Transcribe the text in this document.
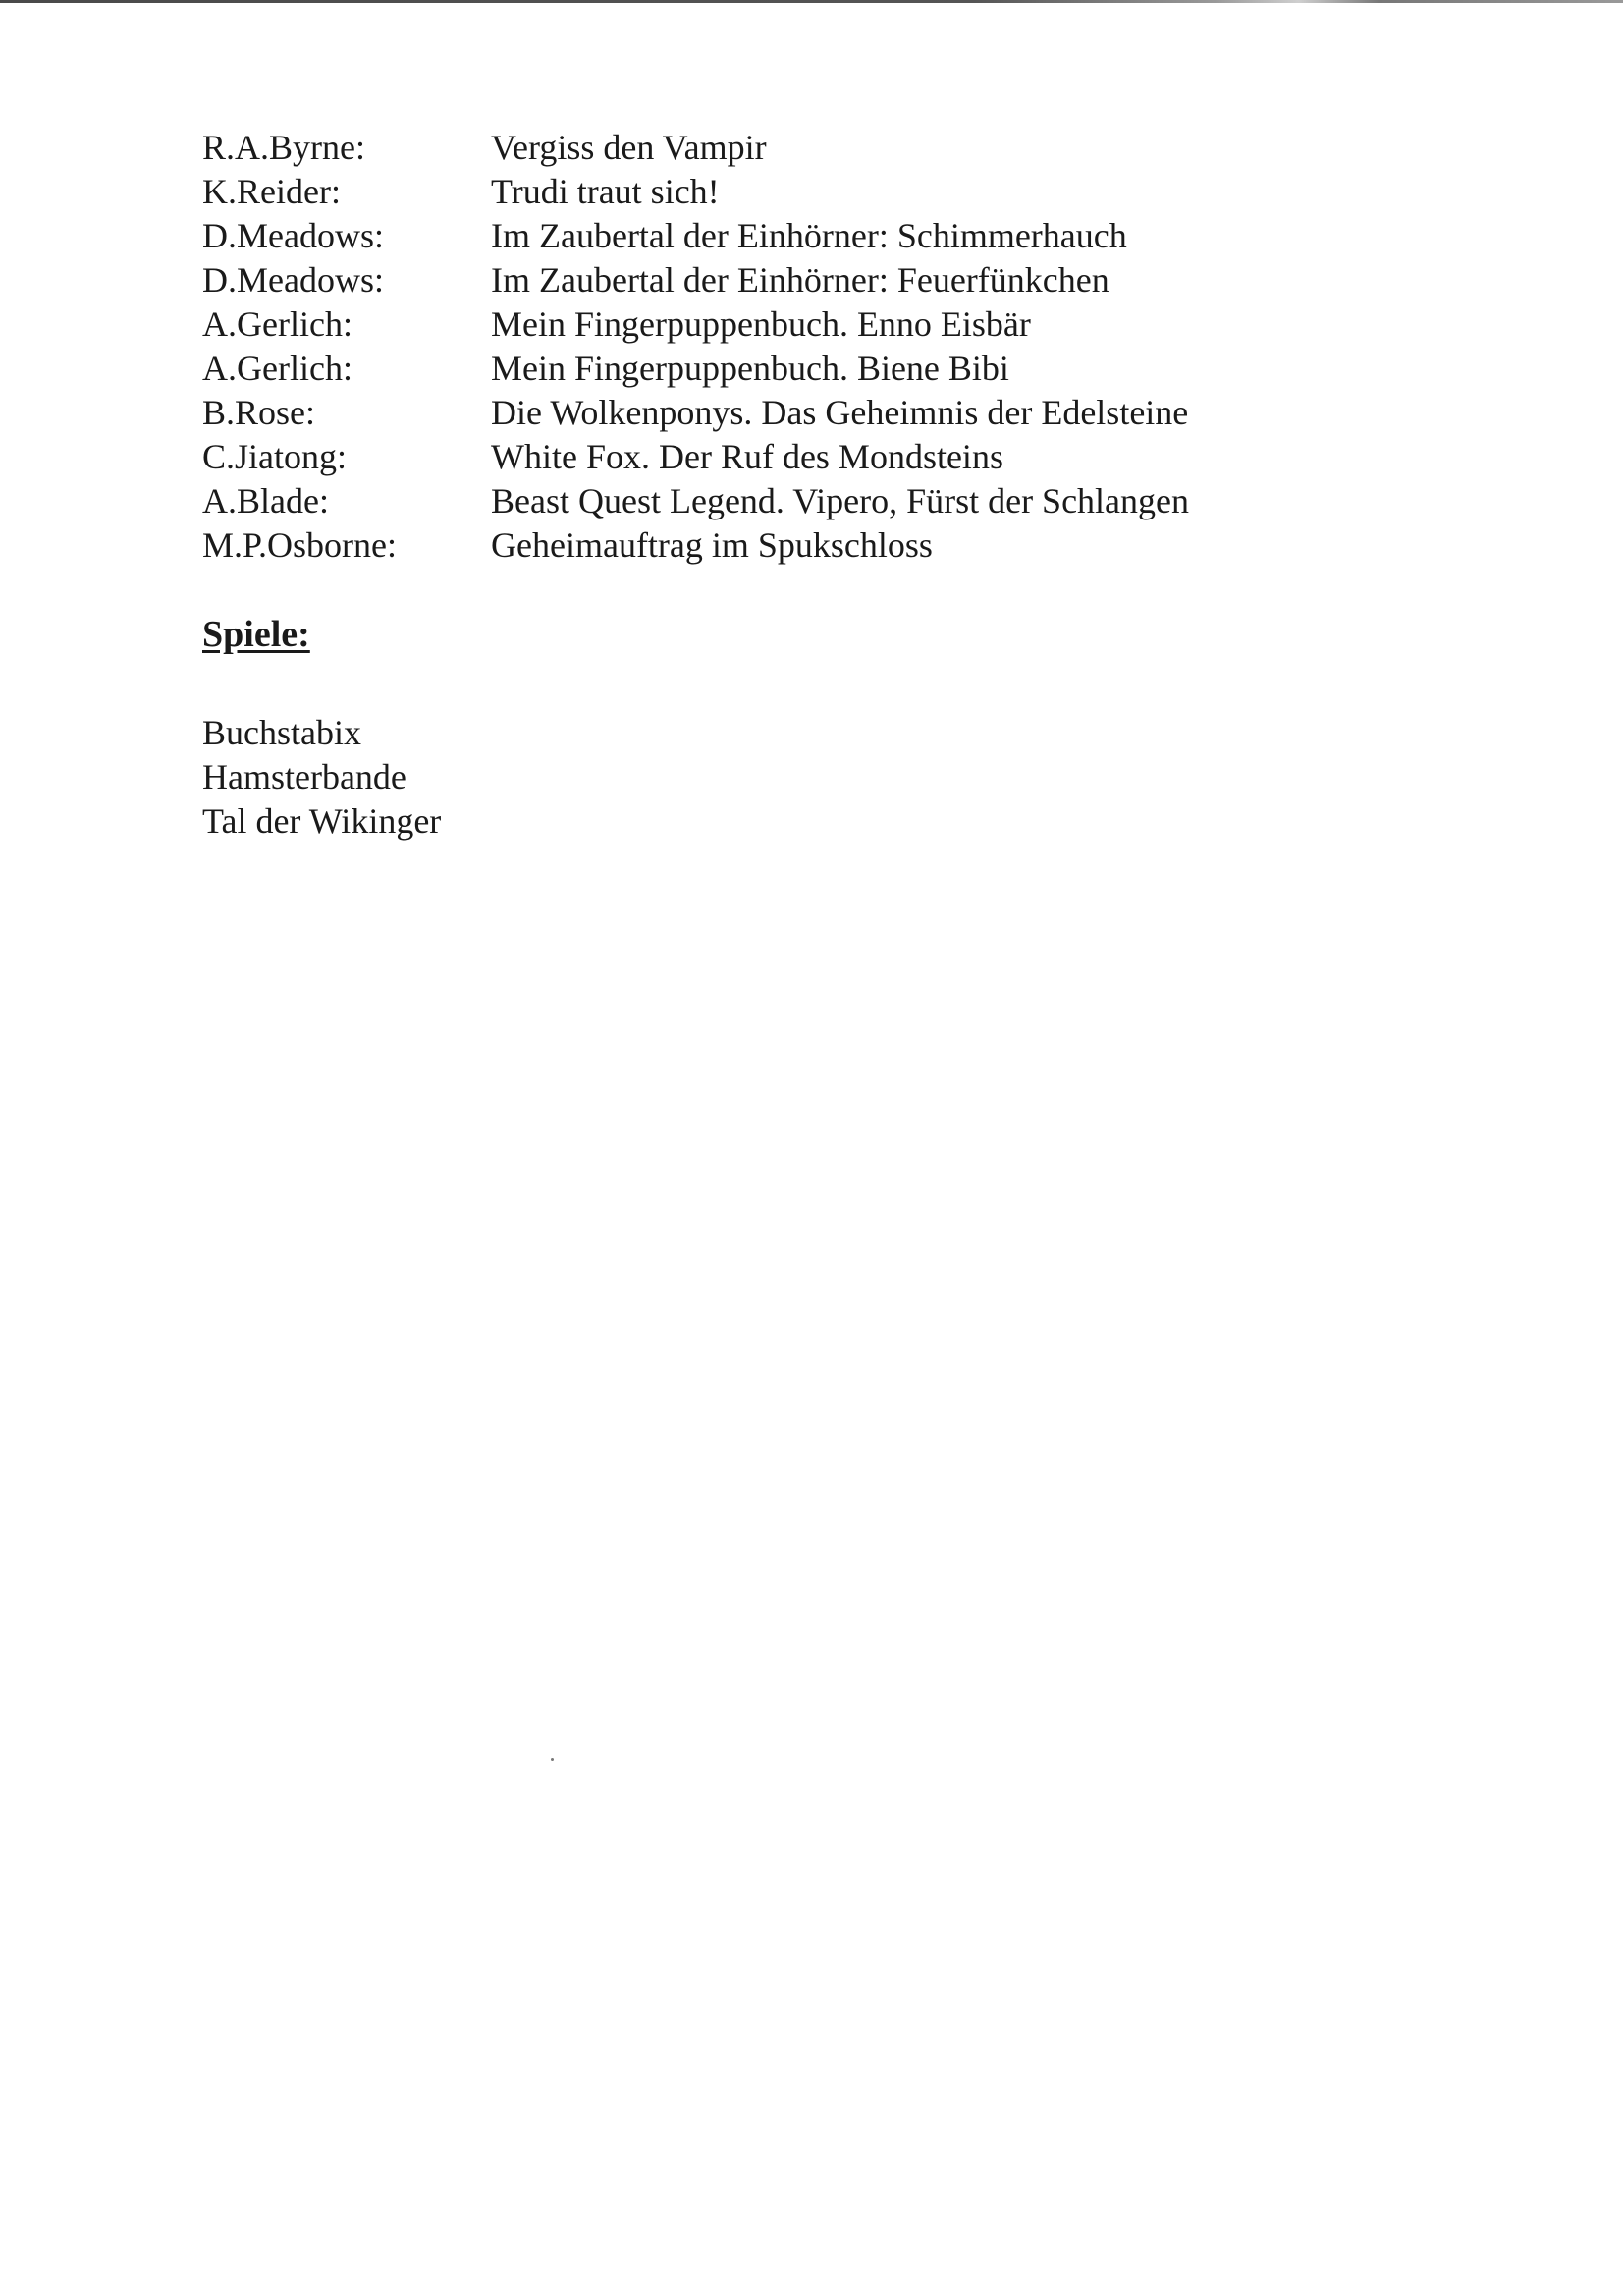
R.A.Byrne:	Vergiss den Vampir
K.Reider:	Trudi traut sich!
D.Meadows:	Im Zaubertal der Einhörner: Schimmerhauch
D.Meadows:	Im Zaubertal der Einhörner: Feuerfünkchen
A.Gerlich:	Mein Fingerpuppenbuch. Enno Eisbär
A.Gerlich:	Mein Fingerpuppenbuch. Biene Bibi
B.Rose:	Die Wolkenponys. Das Geheimnis der Edelsteine
C.Jiatong:	White Fox. Der Ruf des Mondsteins
A.Blade:	Beast Quest Legend. Vipero, Fürst der Schlangen
M.P.Osborne:	Geheimauftrag im Spukschloss
Spiele:
Buchstabix
Hamsterbande
Tal der Wikinger
